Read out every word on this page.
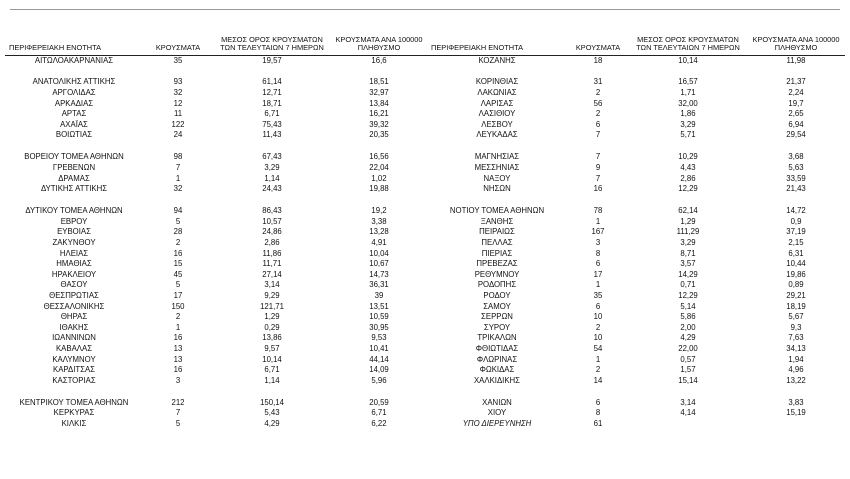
ΠΕΡΙΦΕΡΕΙΑΚΗ ΕΝΟΤΗΤΑ	ΚΡΟΥΣΜΑΤΑ	ΜΕΣΟΣ ΟΡΟΣ ΚΡΟΥΣΜΑΤΩΝ ΤΩΝ ΤΕΛΕΥΤΑΙΩΝ 7 ΗΜΕΡΩΝ	ΚΡΟΥΣΜΑΤΑ ΑΝΑ 100000 ΠΛΗΘΥΣΜΟ	ΠΕΡΙΦΕΡΕΙΑΚΗ ΕΝΟΤΗΤΑ	ΚΡΟΥΣΜΑΤΑ	ΜΕΣΟΣ ΟΡΟΣ ΚΡΟΥΣΜΑΤΩΝ ΤΩΝ ΤΕΛΕΥΤΑΙΩΝ 7 ΗΜΕΡΩΝ	ΚΡΟΥΣΜΑΤΑ ΑΝΑ 100000 ΠΛΗΘΥΣΜΟ
ΑΙΤΩΛΟΑΚΑΡΝΑΝΙΑΣ	35	19,57	16,6	ΚΟΖΑΝΗΣ	18	10,14	11,98

ΑΝΑΤΟΛΙΚΗΣ ΑΤΤΙΚΗΣ	93	61,14	18,51	ΚΟΡΙΝΘΙΑΣ	31	16,57	21,37
ΑΡΓΟΛΙΔΑΣ	32	12,71	32,97	ΛΑΚΩΝΙΑΣ	2	1,71	2,24
ΑΡΚΑΔΙΑΣ	12	18,71	13,84	ΛΑΡΙΣΑΣ	56	32,00	19,7
ΑΡΤΑΣ	11	6,71	16,21	ΛΑΣΙΘΙΟΥ	2	1,86	2,65
ΑΧΑΪΑΣ	122	75,43	39,32	ΛΕΣΒΟΥ	6	3,29	6,94
ΒΟΙΩΤΙΑΣ	24	11,43	20,35	ΛΕΥΚΑΔΑΣ	7	5,71	29,54

ΒΟΡΕΙΟΥ ΤΟΜΕΑ ΑΘΗΝΩΝ	98	67,43	16,56	ΜΑΓΝΗΣΙΑΣ	7	10,29	3,68
ΓΡΕΒΕΝΩΝ	7	3,29	22,04	ΜΕΣΣΗΝΙΑΣ	9	4,43	5,63
ΔΡΑΜΑΣ	1	1,14	1,02	ΝΑΞΟΥ	7	2,86	33,59
ΔΥΤΙΚΗΣ ΑΤΤΙΚΗΣ	32	24,43	19,88	ΝΗΣΩΝ	16	12,29	21,43

ΔΥΤΙΚΟΥ ΤΟΜΕΑ ΑΘΗΝΩΝ	94	86,43	19,2	ΝΟΤΙΟΥ ΤΟΜΕΑ ΑΘΗΝΩΝ	78	62,14	14,72
ΕΒΡΟΥ	5	10,57	3,38	ΞΑΝΘΗΣ	1	1,29	0,9
ΕΥΒΟΙΑΣ	28	24,86	13,28	ΠΕΙΡΑΙΩΣ	167	111,29	37,19
ΖΑΚΥΝΘΟΥ	2	2,86	4,91	ΠΕΛΛΑΣ	3	3,29	2,15
ΗΛΕΙΑΣ	16	11,86	10,04	ΠΙΕΡΙΑΣ	8	8,71	6,31
ΗΜΑΘΙΑΣ	15	11,71	10,67	ΠΡΕΒΕΖΑΣ	6	3,57	10,44
ΗΡΑΚΛΕΙΟΥ	45	27,14	14,73	ΡΕΘΥΜΝΟΥ	17	14,29	19,86
ΘΑΣΟΥ	5	3,14	36,31	ΡΟΔΟΠΗΣ	1	0,71	0,89
ΘΕΣΠΡΩΤΙΑΣ	17	9,29	39	ΡΟΔΟΥ	35	12,29	29,21
ΘΕΣΣΑΛΟΝΙΚΗΣ	150	121,71	13,51	ΣΑΜΟΥ	6	5,14	18,19
ΘΗΡΑΣ	2	1,29	10,59	ΣΕΡΡΩΝ	10	5,86	5,67
ΙΘΑΚΗΣ	1	0,29	30,95	ΣΥΡΟΥ	2	2,00	9,3
ΙΩΑΝΝΙΝΩΝ	16	13,86	9,53	ΤΡΙΚΑΛΩΝ	10	4,29	7,63
ΚΑΒΑΛΑΣ	13	9,57	10,41	ΦΘΙΩΤΙΔΑΣ	54	22,00	34,13
ΚΑΛΥΜΝΟΥ	13	10,14	44,14	ΦΛΩΡΙΝΑΣ	1	0,57	1,94
ΚΑΡΔΙΤΣΑΣ	16	6,71	14,09	ΦΩΚΙΔΑΣ	2	1,57	4,96
ΚΑΣΤΟΡΙΑΣ	3	1,14	5,96	ΧΑΛΚΙΔΙΚΗΣ	14	15,14	13,22

ΚΕΝΤΡΙΚΟΥ ΤΟΜΕΑ ΑΘΗΝΩΝ	212	150,14	20,59	ΧΑΝΙΩΝ	6	3,14	3,83
ΚΕΡΚΥΡΑΣ	7	5,43	6,71	ΧΙΟΥ	8	4,14	15,19
ΚΙΛΚΙΣ	5	4,29	6,22	ΥΠΟ ΔΙΕΡΕΥΝΗΣΗ	61		
